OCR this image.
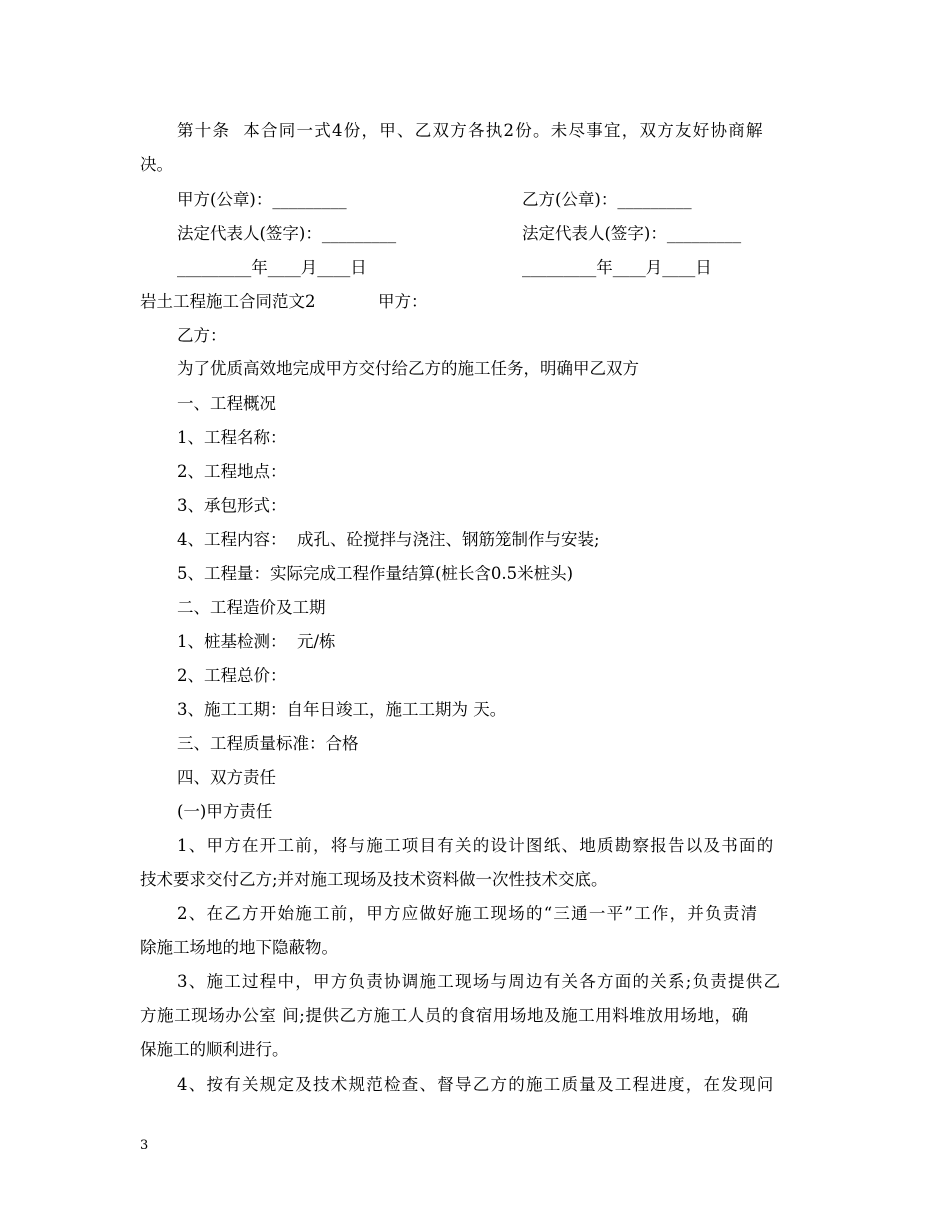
第十条  本合同一式4份，甲、乙双方各执2份。未尽事宜，双方友好协商解
决。
甲方(公章)：_________	乙方(公章)：_________
法定代表人(签字)：_________	法定代表人(签字)：_________
_________年____月____日	_________年____月____日
岩土工程施工合同范文2	甲方：
乙方：
为了优质高效地完成甲方交付给乙方的施工任务，明确甲乙双方
一、工程概况
1、工程名称：
2、工程地点：
3、承包形式：
4、工程内容：  成孔、砼搅拌与浇注、钢筋笼制作与安装;
5、工程量：实际完成工程作量结算(桩长含0.5米桩头)
二、工程造价及工期
1、桩基检测：  元/栋
2、工程总价：
3、施工工期：自年日竣工，施工工期为 天。
三、工程质量标准：合格
四、双方责任
(一)甲方责任
1、甲方在开工前，将与施工项目有关的设计图纸、地质勘察报告以及书面的
技术要求交付乙方;并对施工现场及技术资料做一次性技术交底。
2、在乙方开始施工前，甲方应做好施工现场的“三通一平”工作，并负责清
除施工场地的地下隐蔽物。
3、施工过程中，甲方负责协调施工现场与周边有关各方面的关系;负责提供乙
方施工现场办公室 间;提供乙方施工人员的食宿用场地及施工用料堆放用场地，确
保施工的顺利进行。
4、按有关规定及技术规范检查、督导乙方的施工质量及工程进度，在发现问
3
